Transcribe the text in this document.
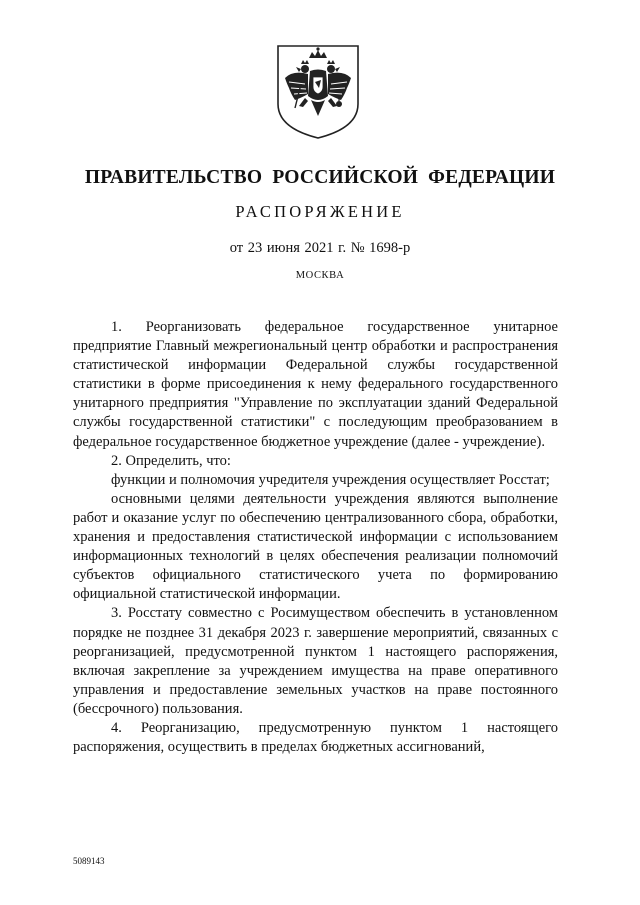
ПРАВИТЕЛЬСТВО РОССИЙСКОЙ ФЕДЕРАЦИИ
РАСПОРЯЖЕНИЕ
от 23 июня 2021 г. № 1698-р
МОСКВА

1. Реорганизовать федеральное государственное унитарное предприятие Главный межрегиональный центр обработки и распространения статистической информации Федеральной службы государственной статистики в форме присоединения к нему федерального государственного унитарного предприятия "Управление по эксплуатации зданий Федеральной службы государственной статистики" с последующим преобразованием в федеральное государственное бюджетное учреждение (далее - учреждение).

2. Определить, что:

функции и полномочия учредителя учреждения осуществляет Росстат;

основными целями деятельности учреждения являются выполнение работ и оказание услуг по обеспечению централизованного сбора, обработки, хранения и предоставления статистической информации с использованием информационных технологий в целях обеспечения реализации полномочий субъектов официального статистического учета по формированию официальной статистической информации.

3. Росстату совместно с Росимуществом обеспечить в установленном порядке не позднее 31 декабря 2023 г. завершение мероприятий, связанных с реорганизацией, предусмотренной пунктом 1 настоящего распоряжения, включая закрепление за учреждением имущества на праве оперативного управления и предоставление земельных участков на праве постоянного (бессрочного) пользования.

4. Реорганизацию, предусмотренную пунктом 1 настоящего распоряжения, осуществить в пределах бюджетных ассигнований,

5089143
